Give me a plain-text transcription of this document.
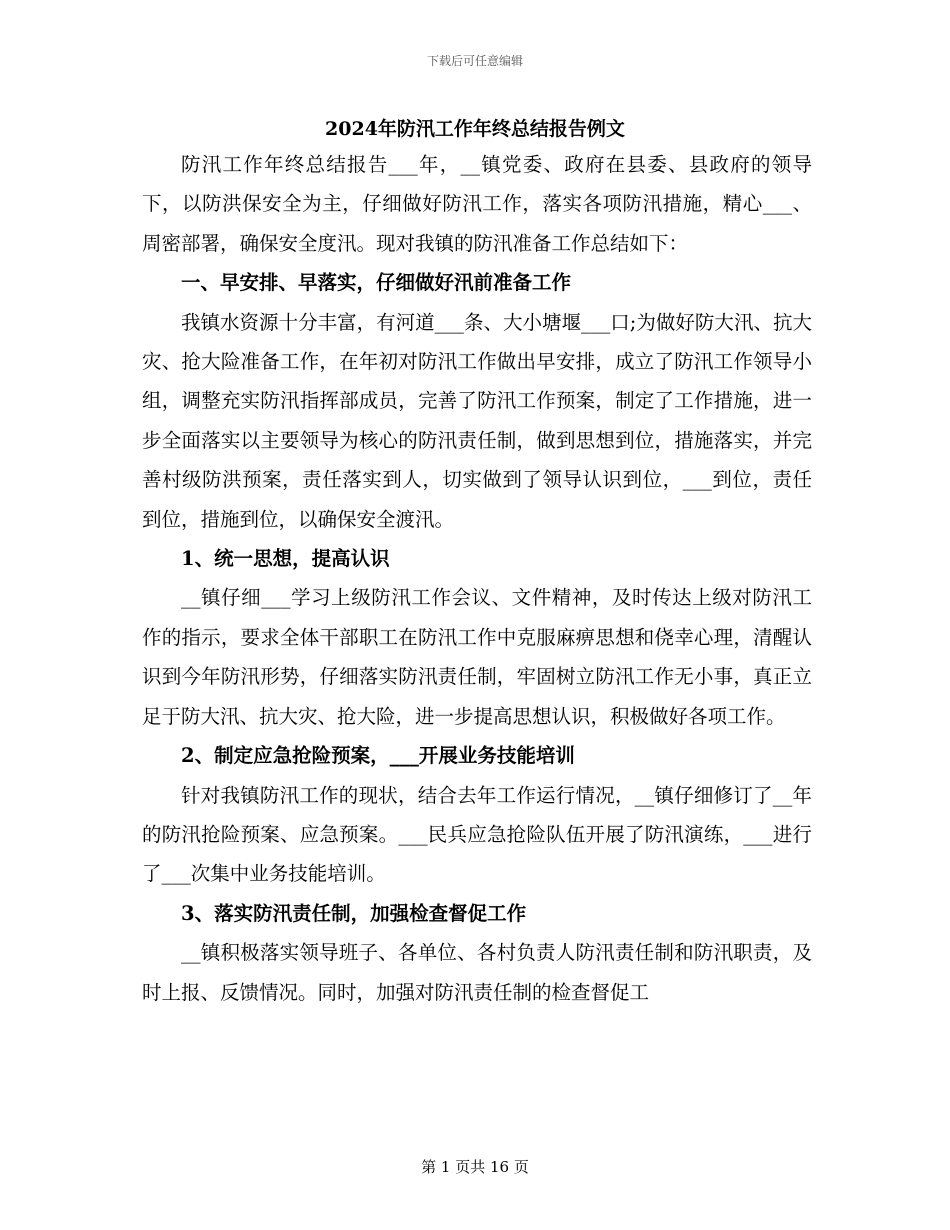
下载后可任意编辑
2024年防汛工作年终总结报告例文

防汛工作年终总结报告___年，__镇党委、政府在县委、县政府的领导下，以防洪保安全为主，仔细做好防汛工作，落实各项防汛措施，精心___、周密部署，确保安全度汛。现对我镇的防汛准备工作总结如下：

一、早安排、早落实，仔细做好汛前准备工作

我镇水资源十分丰富，有河道___条、大小塘堰___口;为做好防大汛、抗大灾、抢大险准备工作，在年初对防汛工作做出早安排，成立了防汛工作领导小组，调整充实防汛指挥部成员，完善了防汛工作预案，制定了工作措施，进一步全面落实以主要领导为核心的防汛责任制，做到思想到位，措施落实，并完善村级防洪预案，责任落实到人，切实做到了领导认识到位，___到位，责任到位，措施到位，以确保安全渡汛。

1、统一思想，提高认识

__镇仔细___学习上级防汛工作会议、文件精神，及时传达上级对防汛工作的指示，要求全体干部职工在防汛工作中克服麻痹思想和侥幸心理，清醒认识到今年防汛形势，仔细落实防汛责任制，牢固树立防汛工作无小事，真正立足于防大汛、抗大灾、抢大险，进一步提高思想认识，积极做好各项工作。

2、制定应急抢险预案，___开展业务技能培训

针对我镇防汛工作的现状，结合去年工作运行情况，__镇仔细修订了__年的防汛抢险预案、应急预案。___民兵应急抢险队伍开展了防汛演练，___进行了___次集中业务技能培训。

3、落实防汛责任制，加强检查督促工作

__镇积极落实领导班子、各单位、各村负责人防汛责任制和防汛职责，及时上报、反馈情况。同时，加强对防汛责任制的检查督促工

第 1 页共 16 页
